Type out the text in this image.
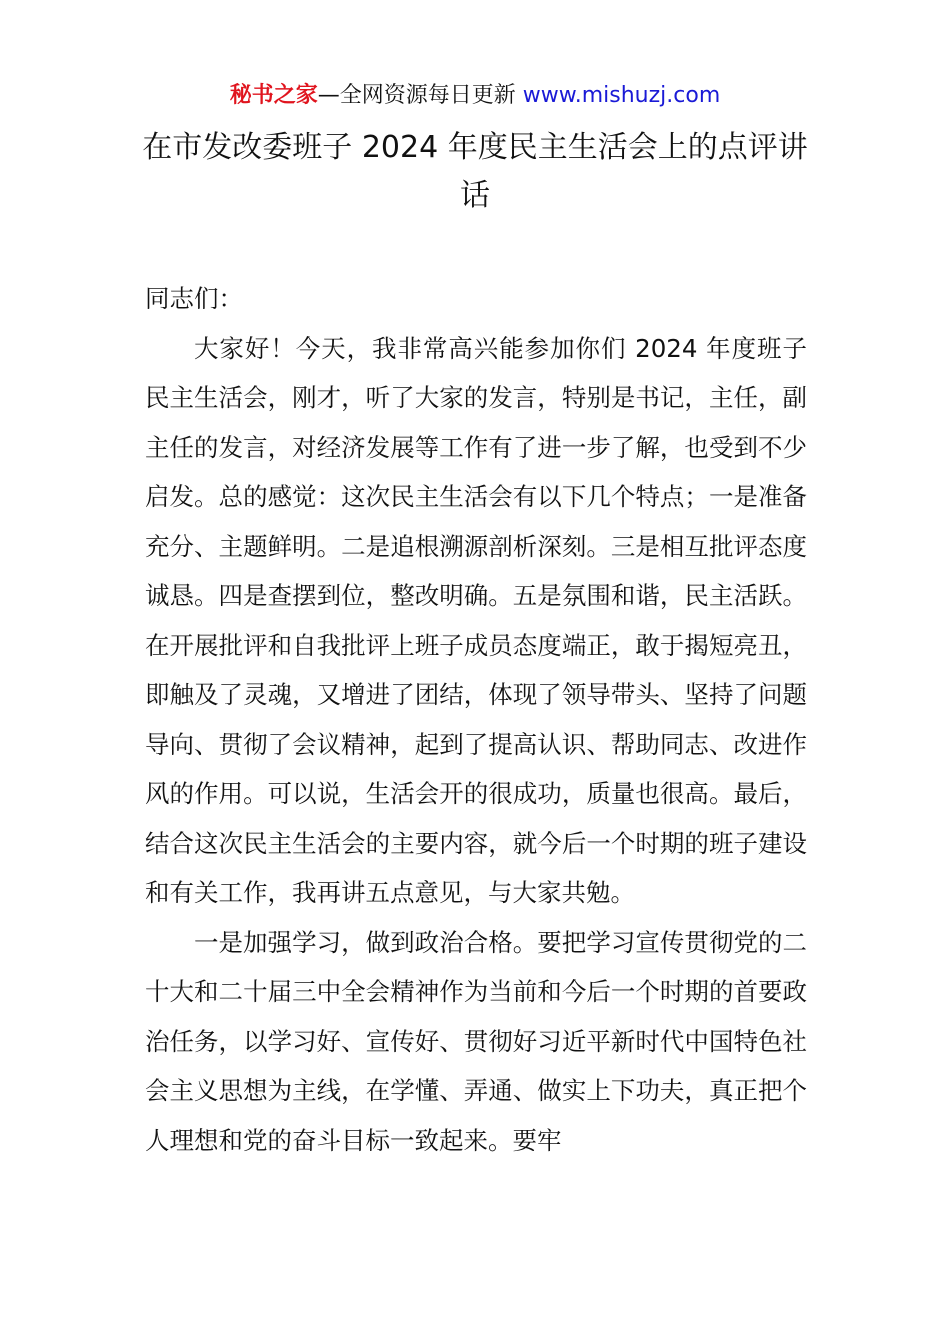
秘书之家—全网资源每日更新 www.mishuzj.com
在市发改委班子 2024 年度民主生活会上的点评讲话

同志们：

大家好！今天，我非常高兴能参加你们 2024 年度班子民主生活会，刚才，听了大家的发言，特别是书记，主任，副主任的发言，对经济发展等工作有了进一步了解，也受到不少启发。总的感觉：这次民主生活会有以下几个特点；一是准备充分、主题鲜明。二是追根溯源剖析深刻。三是相互批评态度诚恳。四是查摆到位，整改明确。五是氛围和谐，民主活跃。在开展批评和自我批评上班子成员态度端正，敢于揭短亮丑，即触及了灵魂，又增进了团结，体现了领导带头、坚持了问题导向、贯彻了会议精神，起到了提高认识、帮助同志、改进作风的作用。可以说，生活会开的很成功，质量也很高。最后，结合这次民主生活会的主要内容，就今后一个时期的班子建设和有关工作，我再讲五点意见，与大家共勉。

一是加强学习，做到政治合格。要把学习宣传贯彻党的二十大和二十届三中全会精神作为当前和今后一个时期的首要政治任务，以学习好、宣传好、贯彻好习近平新时代中国特色社会主义思想为主线，在学懂、弄通、做实上下功夫，真正把个人理想和党的奋斗目标一致起来。要牢
